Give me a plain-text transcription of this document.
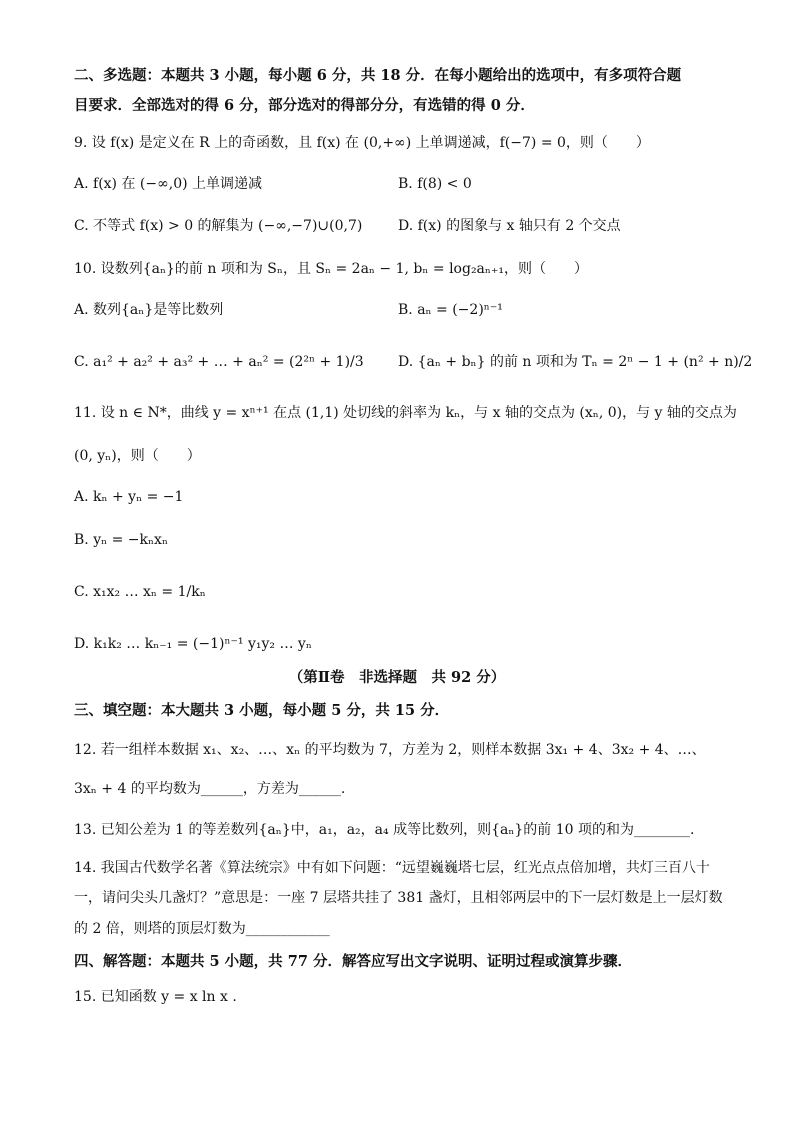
二、多选题：本题共 3 小题，每小题 6 分，共 18 分．在每小题给出的选项中，有多项符合题
目要求．全部选对的得 6 分，部分选对的得部分分，有选错的得 0 分．
9. 设 f(x) 是定义在 R 上的奇函数，且 f(x) 在 (0,+∞) 上单调递减，f(−7) = 0，则（　　）
A. f(x) 在 (−∞,0) 上单调递减	B. f(8) < 0
C. 不等式 f(x) > 0 的解集为 (−∞,−7)∪(0,7)	D. f(x) 的图象与 x 轴只有 2 个交点
10. 设数列{aₙ}的前 n 项和为 Sₙ，且 Sₙ = 2aₙ − 1, bₙ = log₂aₙ₊₁，则（　　）
A. 数列{aₙ}是等比数列	B. aₙ = (−2)ⁿ⁻¹
C. a₁² + a₂² + a₃² + … + aₙ² = (2²ⁿ + 1)/3 D. {aₙ + bₙ} 的前 n 项和为 Tₙ = 2ⁿ − 1 + (n² + n)/2
11. 设 n ∈ N*，曲线 y = xⁿ⁺¹ 在点 (1,1) 处切线的斜率为 kₙ，与 x 轴的交点为 (xₙ, 0)，与 y 轴的交点为
(0, yₙ)，则（　　）
A. kₙ + yₙ = −1
B. yₙ = −kₙxₙ
C. x₁x₂ … xₙ = 1/kₙ
D. k₁k₂ … kₙ₋₁ = (−1)ⁿ⁻¹ y₁y₂ … yₙ
（第Ⅱ卷　非选择题　共 92 分）
三、填空题：本大题共 3 小题，每小题 5 分，共 15 分．
12. 若一组样本数据 x₁、x₂、…、xₙ 的平均数为 7，方差为 2，则样本数据 3x₁ + 4、3x₂ + 4、…、
3xₙ + 4 的平均数为______，方差为______.
13. 已知公差为 1 的等差数列{aₙ}中，a₁，a₂，a₄ 成等比数列，则{aₙ}的前 10 项的和为________.
14. 我国古代数学名著《算法统宗》中有如下问题：“远望巍巍塔七层，红光点点倍加增，共灯三百八十
一，请问尖头几盏灯？”意思是：一座 7 层塔共挂了 381 盏灯，且相邻两层中的下一层灯数是上一层灯数
的 2 倍，则塔的顶层灯数为____________
四、解答题：本题共 5 小题，共 77 分．解答应写出文字说明、证明过程或演算步骤．
15. 已知函数 y = x ln x .
